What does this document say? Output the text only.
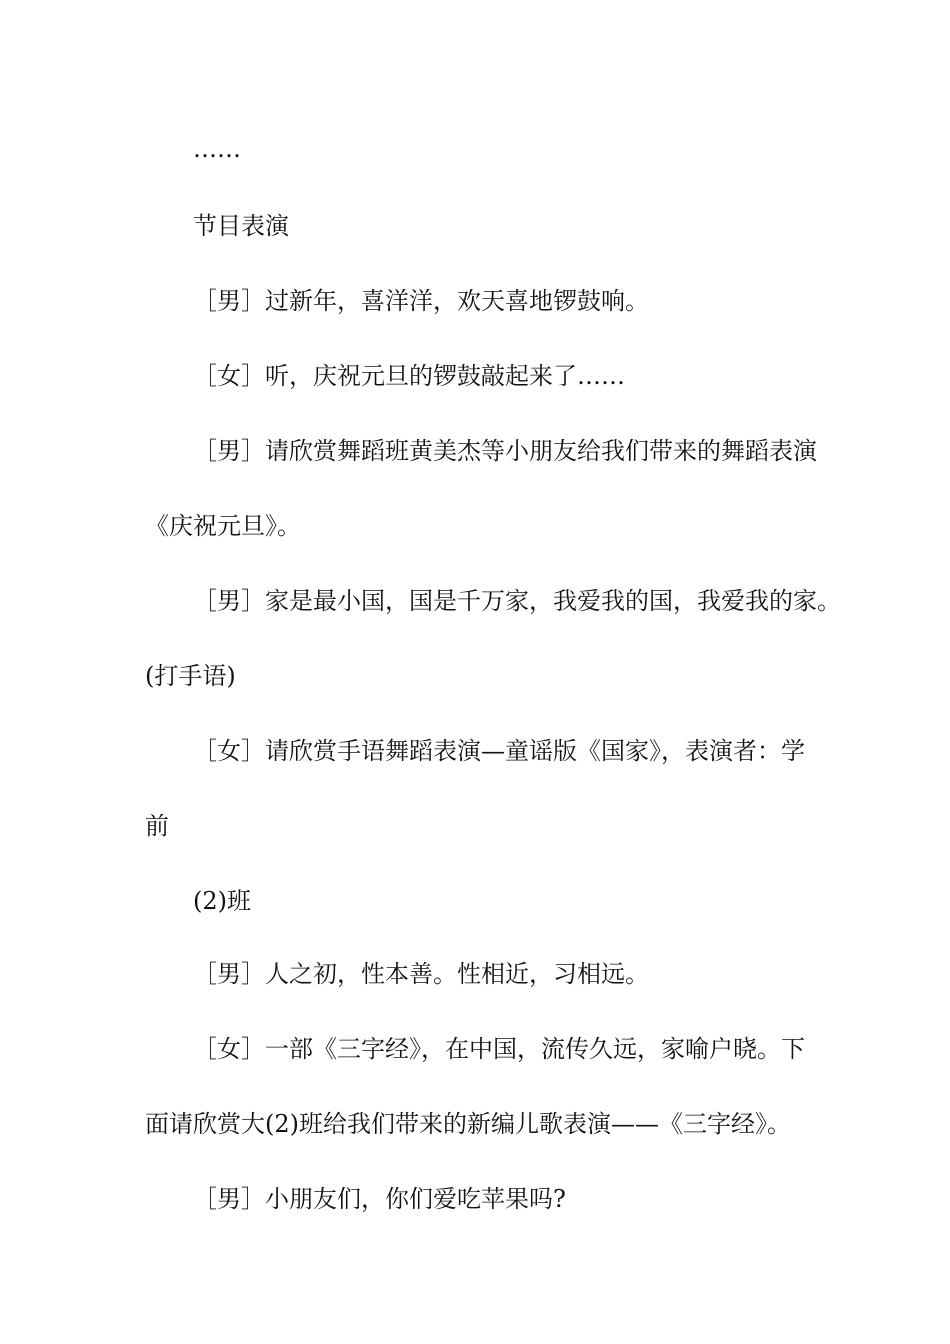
……

节目表演

［男］过新年，喜洋洋，欢天喜地锣鼓响。

［女］听，庆祝元旦的锣鼓敲起来了……

［男］请欣赏舞蹈班黄美杰等小朋友给我们带来的舞蹈表演

《庆祝元旦》。

［男］家是最小国，国是千万家，我爱我的国，我爱我的家。

(打手语)

［女］请欣赏手语舞蹈表演—童谣版《国家》，表演者：学

前

(2)班

［男］人之初，性本善。性相近，习相远。

［女］一部《三字经》，在中国，流传久远，家喻户晓。下

面请欣赏大(2)班给我们带来的新编儿歌表演——《三字经》。

［男］小朋友们，你们爱吃苹果吗?
